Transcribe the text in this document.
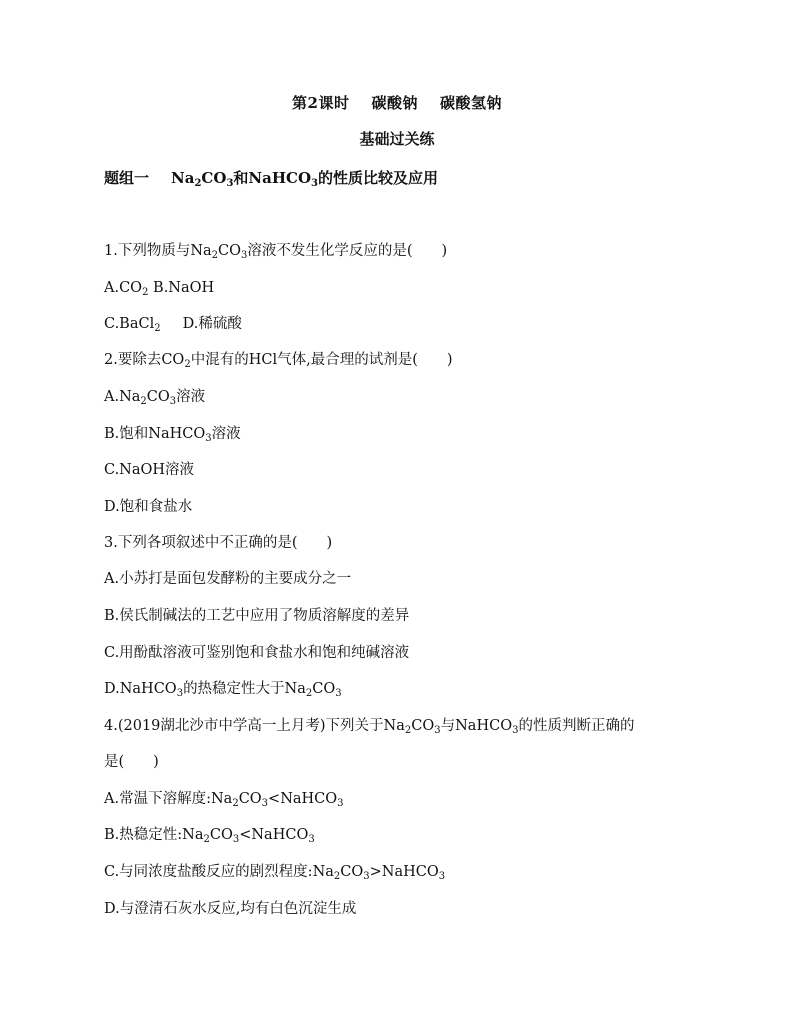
第2课时 碳酸钠 碳酸氢钠
基础过关练
题组一 $Na_2CO_3$和NaHCO$_3$的性质比较及应用
1.下列物质与$Na_2CO_3$溶液不发生化学反应的是(　　)
$A.CO_2$ B.NaOH
C.BaCl$_2$ D.稀硫酸
2.要除去$CO_2$中混有的HCl气体,最合理的试剂是(　　)
$A.Na_2CO_3$溶液
B.饱和NaHCO$_3$溶液
C.NaOH溶液
D.饱和食盐水
3.下列各项叙述中不正确的是(　　)
A.小苏打是面包发酵粉的主要成分之一
B.侯氏制碱法的工艺中应用了物质溶解度的差异
C.用酚酞溶液可鉴别饱和食盐水和饱和纯碱溶液
D.NaHCO$_3$的热稳定性大于$Na_2CO_3$
4.(2019湖北沙市中学高一上月考)下列关于$Na_2CO_3$与NaHCO$_3$的性质判断正确的
是(　　)
A.常温下溶解度$:Na_2CO_3<NaHCO_3$
B.热稳定性$:Na_2CO_3<NaHCO_3$
C.与同浓度盐酸反应的剧烈程度$:Na_2CO_3>NaHCO_3$
D.与澄清石灰水反应,均有白色沉淀生成
